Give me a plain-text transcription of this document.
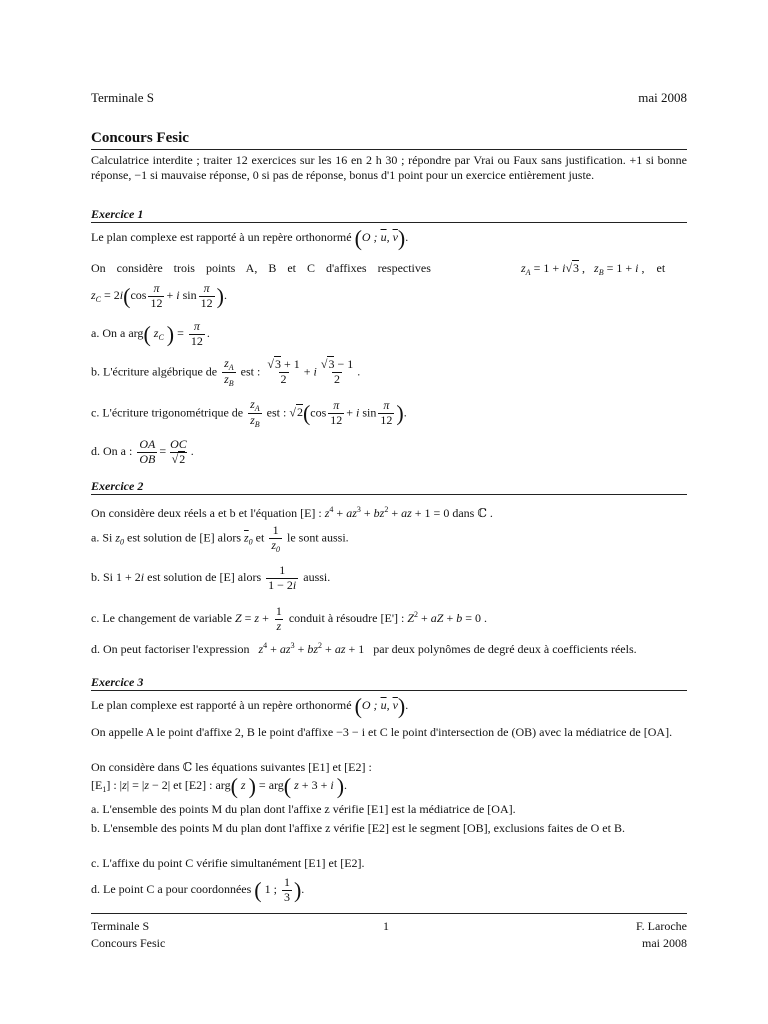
Terminale S	mai 2008
Concours Fesic
Calculatrice interdite ; traiter 12 exercices sur les 16 en 2 h 30 ; répondre par Vrai ou Faux sans justification. +1 si bonne réponse, −1 si mauvaise réponse, 0 si pas de réponse, bonus d'1 point pour un exercice entièrement juste.
Exercice 1
Le plan complexe est rapporté à un repère orthonormé (O ; $\overline{u}$, $\overline{v}$).
On considère trois points A, B et C d'affixes respectives	$z_A = 1 + i√3$ ,   $z_B = 1 + i$ ,    et
$z_C = 2i(\cos \frac{\pi}{12} + i$ $\sin \frac{\pi}{12}$ ).
a. On a arg( $z_C$ ) = $\frac{\pi}{12}$ .
b. L'écriture algébrique de $\frac{z_A}{z_B}$ est : $\frac{√3 + 1}{2} + i \frac{√3 - 1}{2}$ .
c. L'écriture trigonométrique de $\frac{z_A}{z_B}$ est : $√2(\cos \frac{\pi}{12} + i$ $\sin \frac{\pi}{12}$ ).
d. On a : $\frac{OA}{OB} = \frac{OC}{√2}$ .
Exercice 2
On considère deux réels a et b et l'équation [E] : $z^4 + az^3 + bz^2$ + az + 1 = 0 dans ℂ .
a. Si $z_0$ est solution de [E] alors $\overline{z}_0$ et $\frac{1}{z_0}$ le sont aussi.
b. Si 1 + 2i est solution de [E] alors $\frac{1}{1 - 2i}$ aussi.
c. Le changement de variable $Z = z + \frac{1}{z}$ conduit à résoudre [E'] : $Z^2$ + aZ + b = 0 .
d. On peut factoriser l'expression $z^4 + az^3 + bz^2$ + az + 1   par deux polynômes de degré deux à coefficients réels.
Exercice 3
Le plan complexe est rapporté à un repère orthonormé (O ; $\overline{u}$, $\overline{v}$).
On appelle A le point d'affixe 2, B le point d'affixe −3 − i et C le point d'intersection de (OB) avec la médiatrice de [OA].
On considère dans ℂ les équations suivantes [E1] et [E2] :
$[E_1]$ : |z| = |z − 2| et [E2] : arg( z ) = arg( z + 3 + i ).
a. L'ensemble des points M du plan dont l'affixe z vérifie [E1] est la médiatrice de [OA].
b. L'ensemble des points M du plan dont l'affixe z vérifie [E2] est le segment [OB], exclusions faites de O et B.
c. L'affixe du point C vérifie simultanément [E1] et [E2].
d. Le point C a pour coordonnées ( 1 ; $\frac{1}{3}$ ).
Terminale S
Concours Fesic
1	F. Laroche
mai 2008
